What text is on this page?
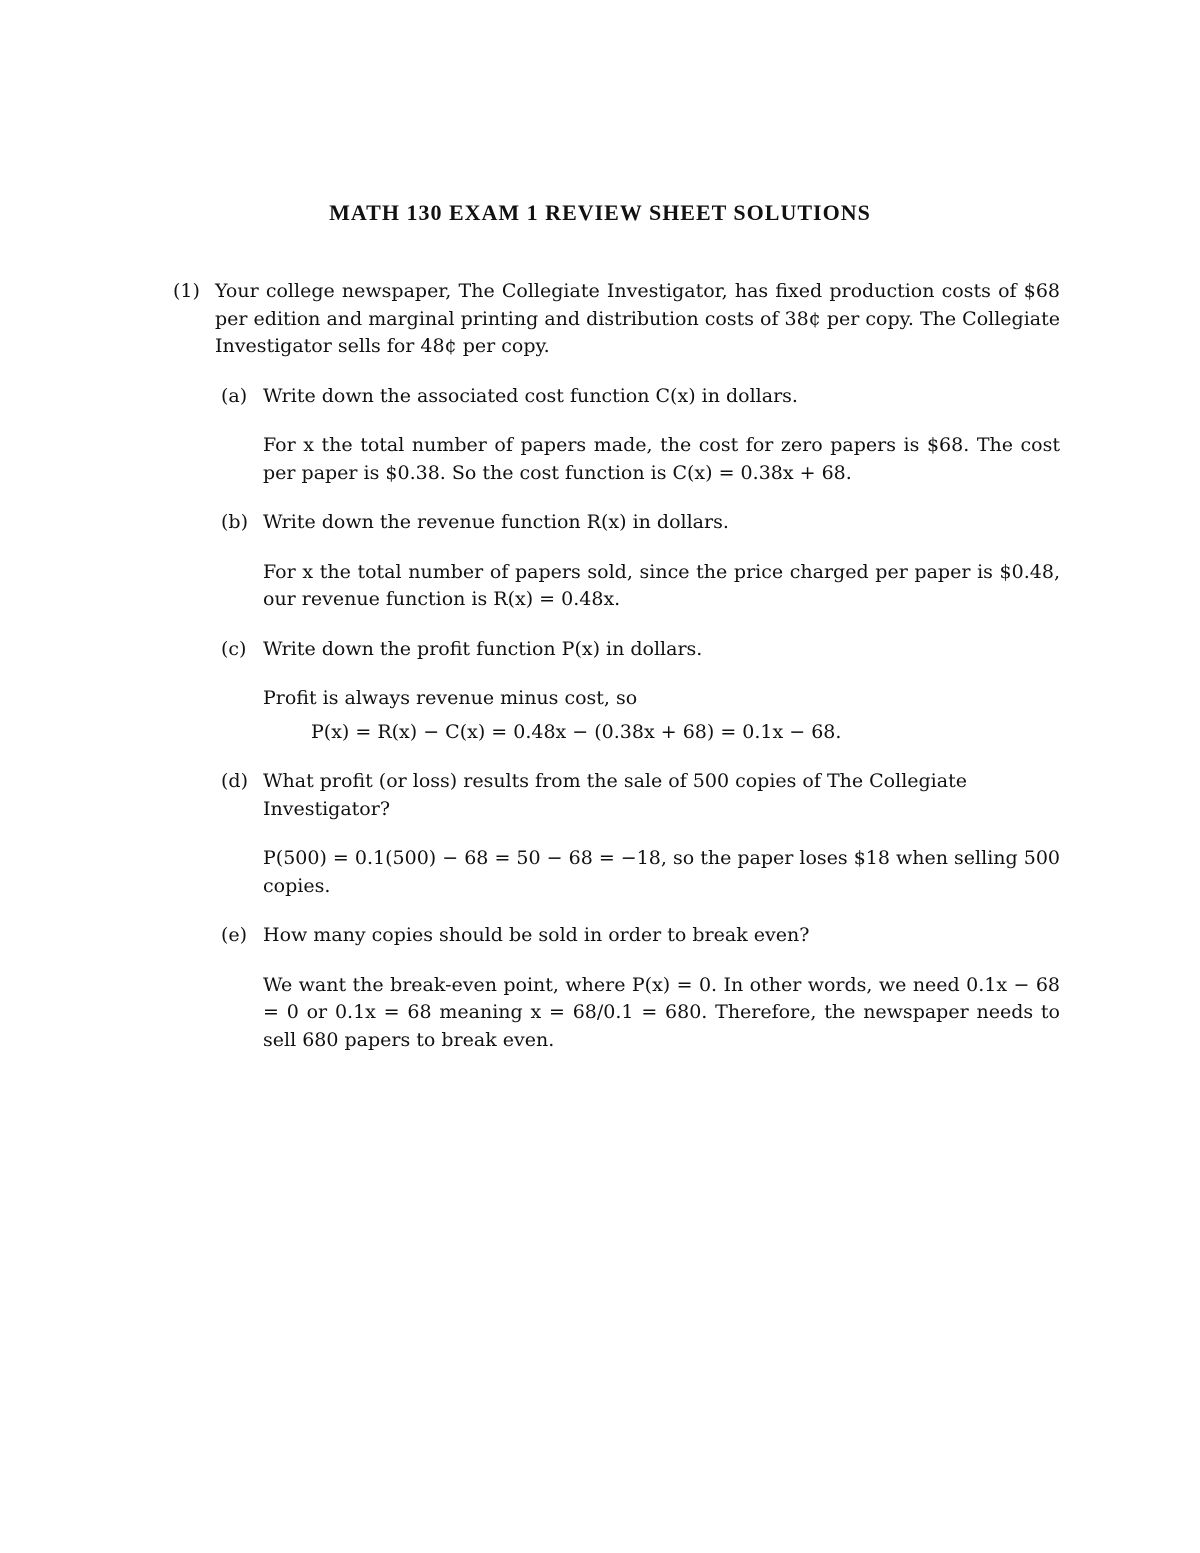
MATH 130 EXAM 1 REVIEW SHEET SOLUTIONS
(1) Your college newspaper, The Collegiate Investigator, has fixed production costs of $68 per edition and marginal printing and distribution costs of 38¢ per copy. The Collegiate Investigator sells for 48¢ per copy.

(a) Write down the associated cost function C(x) in dollars.

For x the total number of papers made, the cost for zero papers is $68. The cost per paper is $0.38. So the cost function is C(x) = 0.38x + 68.

(b) Write down the revenue function R(x) in dollars.

For x the total number of papers sold, since the price charged per paper is $0.48, our revenue function is R(x) = 0.48x.

(c) Write down the profit function P(x) in dollars.

Profit is always revenue minus cost, so

P(x) = R(x) − C(x) = 0.48x − (0.38x + 68) = 0.1x − 68.

(d) What profit (or loss) results from the sale of 500 copies of The Collegiate Investigator?

P(500) = 0.1(500) − 68 = 50 − 68 = −18, so the paper loses $18 when selling 500 copies.

(e) How many copies should be sold in order to break even?

We want the break-even point, where P(x) = 0. In other words, we need 0.1x − 68 = 0 or 0.1x = 68 meaning x = 68/0.1 = 680. Therefore, the newspaper needs to sell 680 papers to break even.
